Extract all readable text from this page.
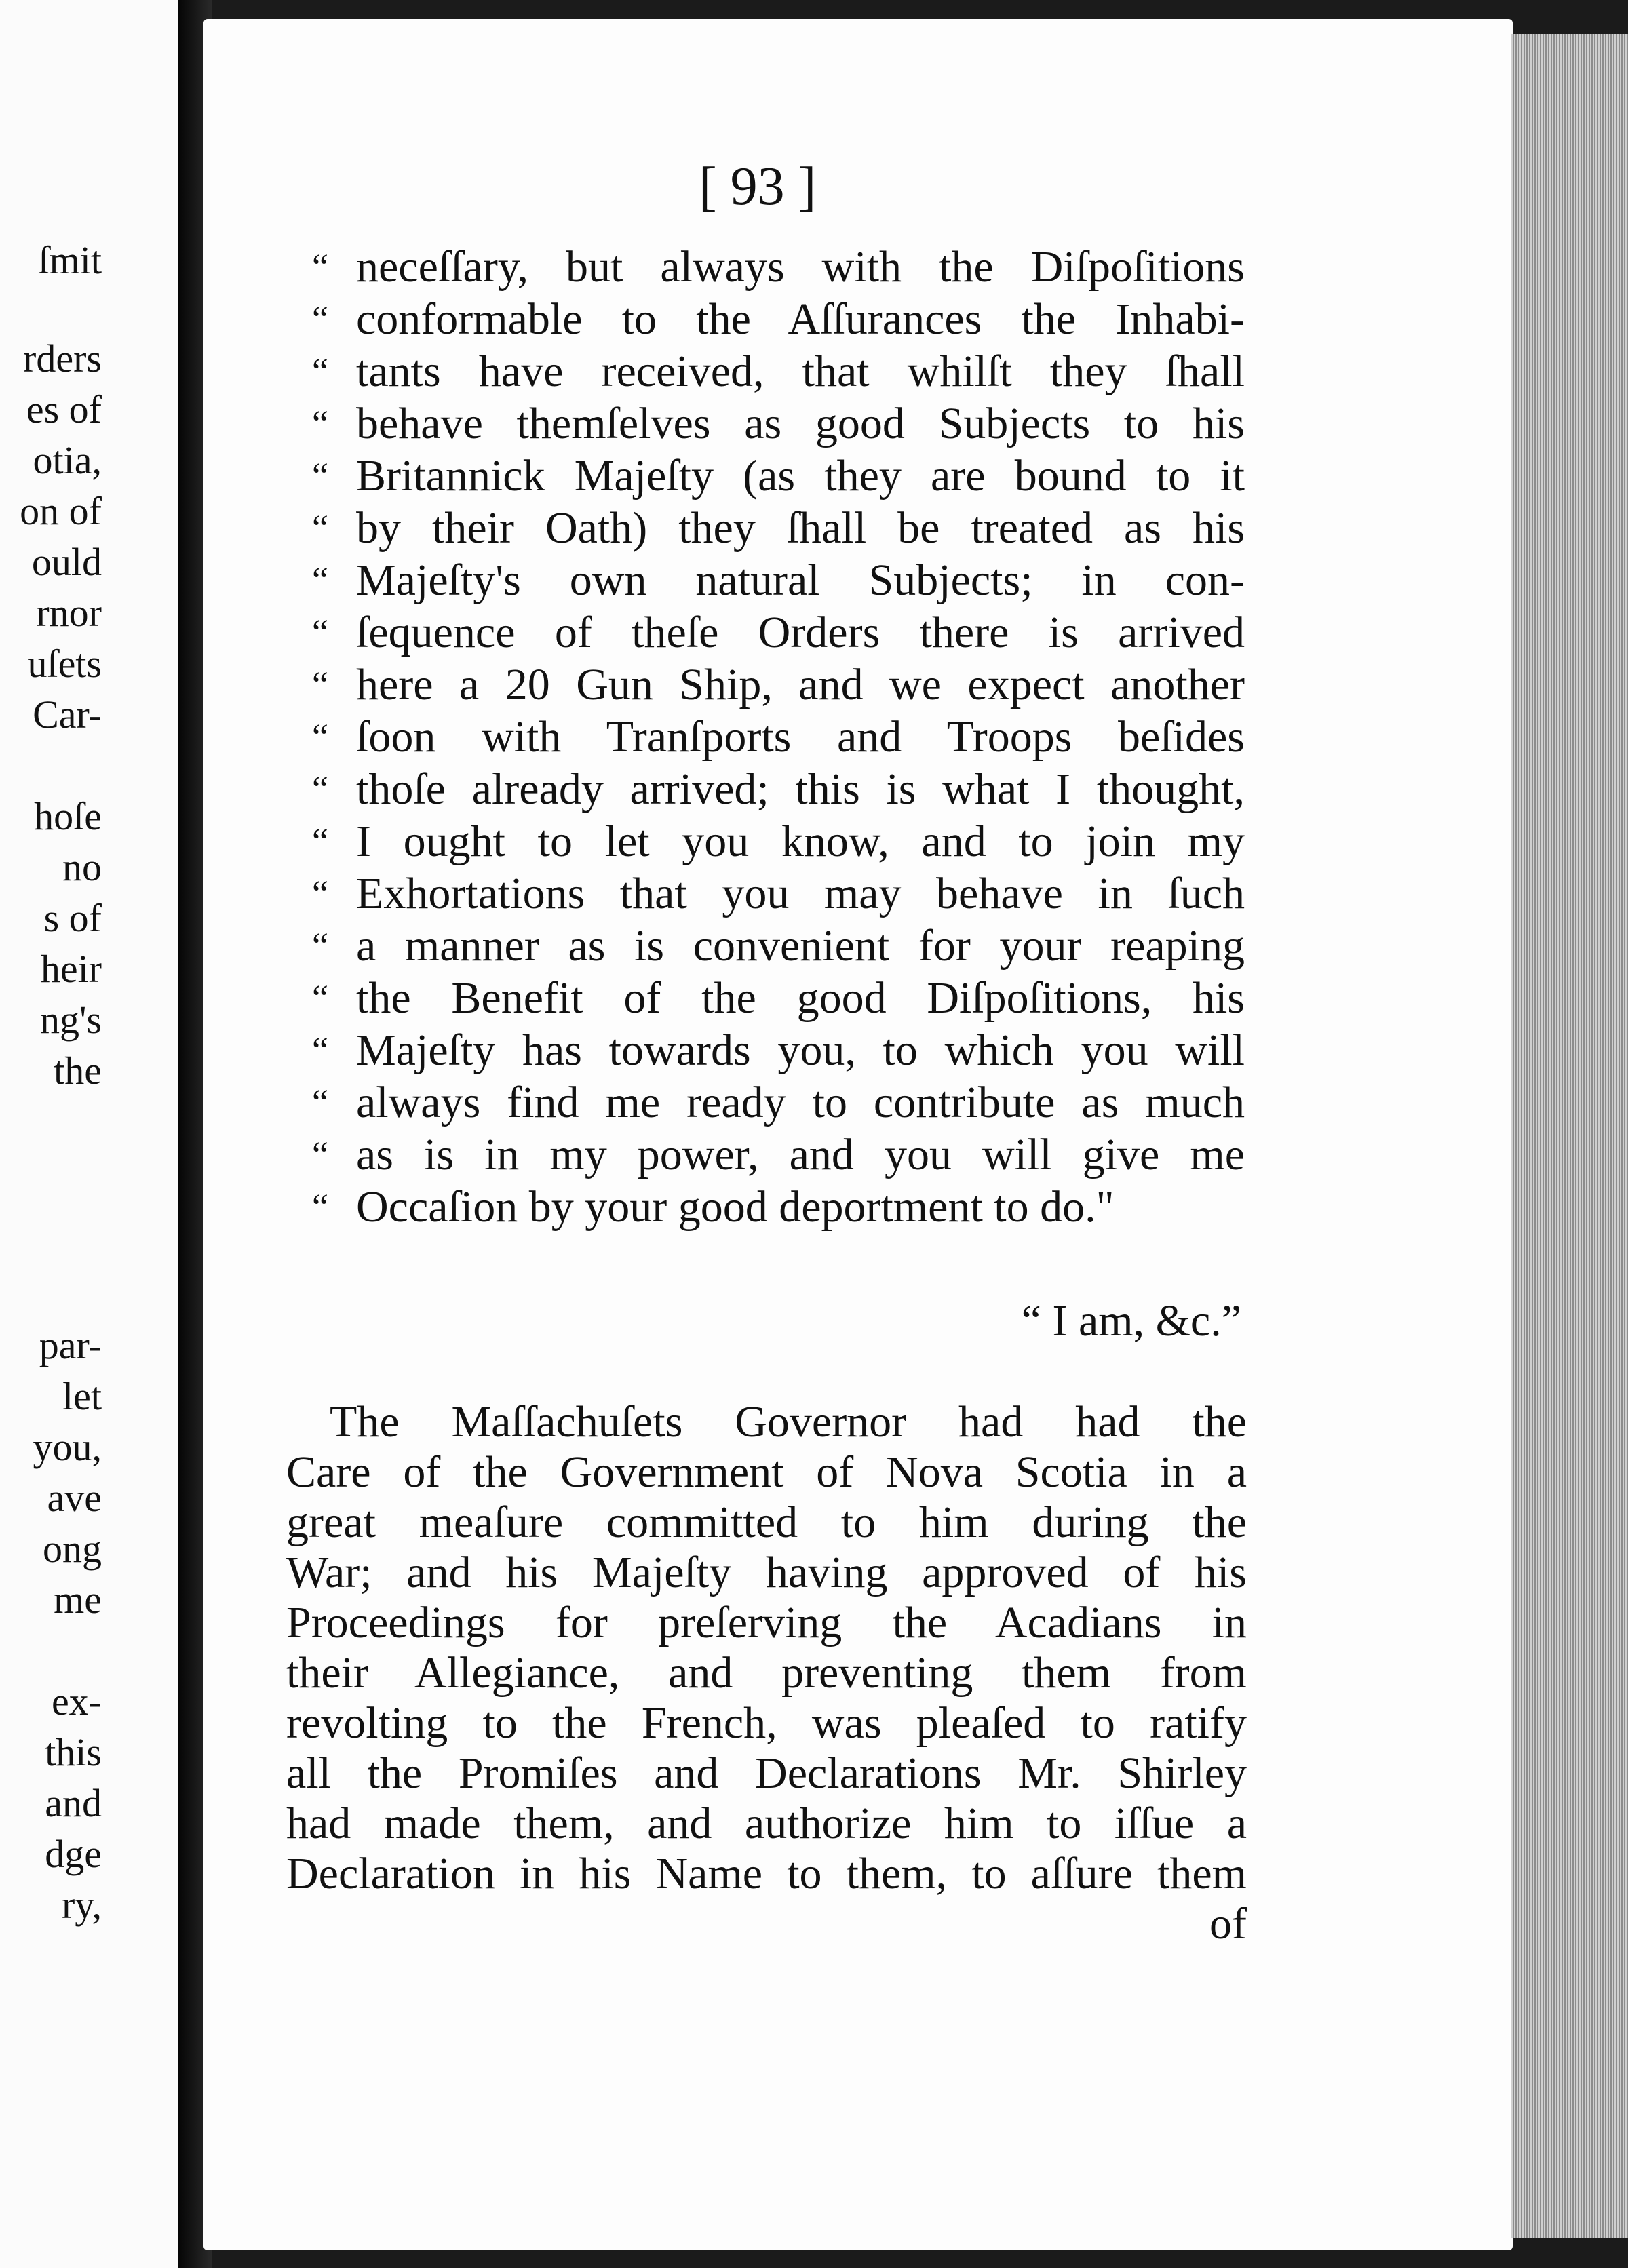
ſmit
rders
es of
otia,
on of
ould
rnor
uſets
Car-
hoſe
no
s of
heir
ng's
the
par-
let
you,
ave
ong
me
ex-
this
and
dge
ry,
[ 93 ]
“ neceſſary, but always with the Diſpoſitions
“ conformable to the Aſſurances the Inhabi-
“ tants have received, that whilſt they ſhall
“ behave themſelves as good Subjects to his
“ Britannick Majeſty (as they are bound to it
“ by their Oath) they ſhall be treated as his
“ Majeſty's own natural Subjects; in con-
“ ſequence of theſe Orders there is arrived
“ here a 20 Gun Ship, and we expect another
“ ſoon with Tranſports and Troops beſides
“ thoſe already arrived; this is what I thought,
“ I ought to let you know, and to join my
“ Exhortations that you may behave in ſuch
“ a manner as is convenient for your reaping
“ the Benefit of the good Diſpoſitions, his
“ Majeſty has towards you, to which you will
“ always find me ready to contribute as much
“ as is in my power, and you will give me
“ Occaſion by your good deportment to do."
“ I am, &c.”
The Maſſachuſets Governor had had the
Care of the Government of Nova Scotia in a
great meaſure committed to him during the
War; and his Majeſty having approved of his
Proceedings for preſerving the Acadians in
their Allegiance, and preventing them from
revolting to the French, was pleaſed to ratify
all the Promiſes and Declarations Mr. Shirley
had made them, and authorize him to iſſue a
Declaration in his Name to them, to aſſure them
of
